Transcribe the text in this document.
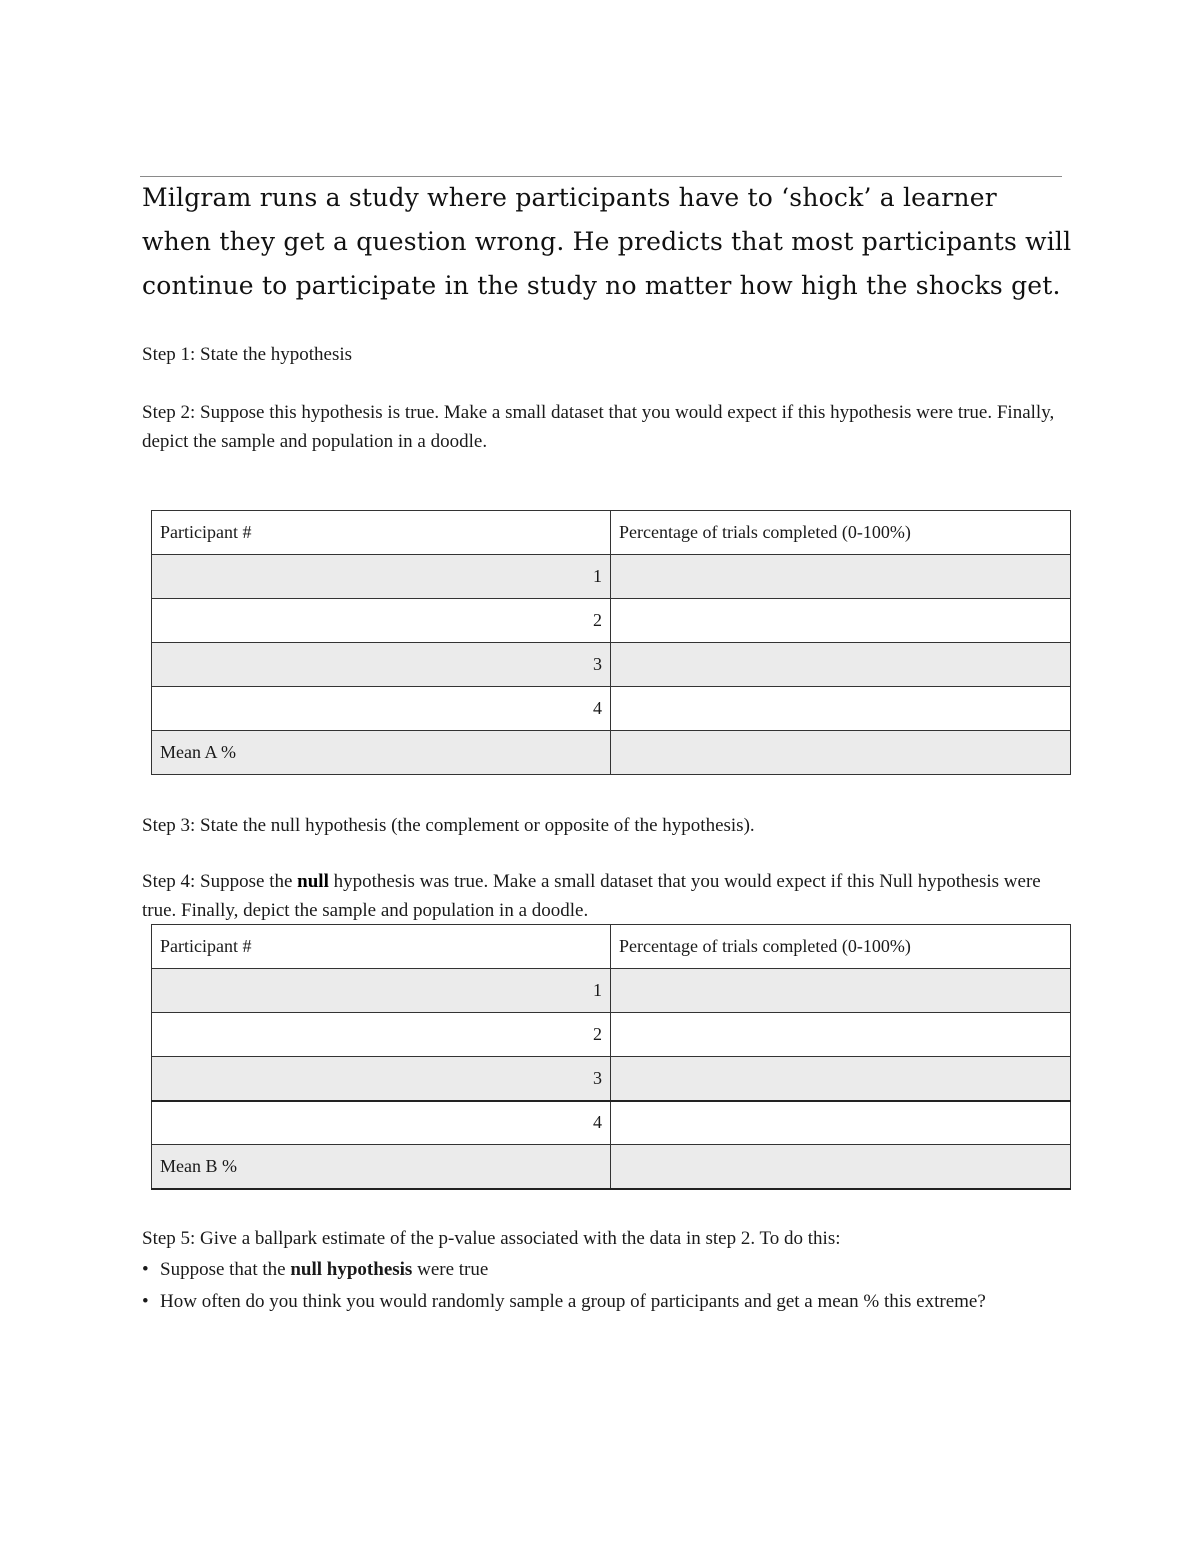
Milgram runs a study where participants have to ‘shock’ a learner when they get a question wrong. He predicts that most participants will continue to participate in the study no matter how high the shocks get.

Step 1: State the hypothesis

Step 2: Suppose this hypothesis is true. Make a small dataset that you would expect if this hypothesis were true. Finally, depict the sample and population in a doodle.

Participant #	Percentage of trials completed (0-100%)
1	
2	
3	
4	
Mean A %	

Step 3: State the null hypothesis (the complement or opposite of the hypothesis).

Step 4: Suppose the null hypothesis was true. Make a small dataset that you would expect if this Null hypothesis were true. Finally, depict the sample and population in a doodle.

Participant #	Percentage of trials completed (0-100%)
1	
2	
3	
4	
Mean B %	

Step 5: Give a ballpark estimate of the p-value associated with the data in step 2. To do this:

• Suppose that the null hypothesis were true
• How often do you think you would randomly sample a group of participants and get a mean % this extreme?
